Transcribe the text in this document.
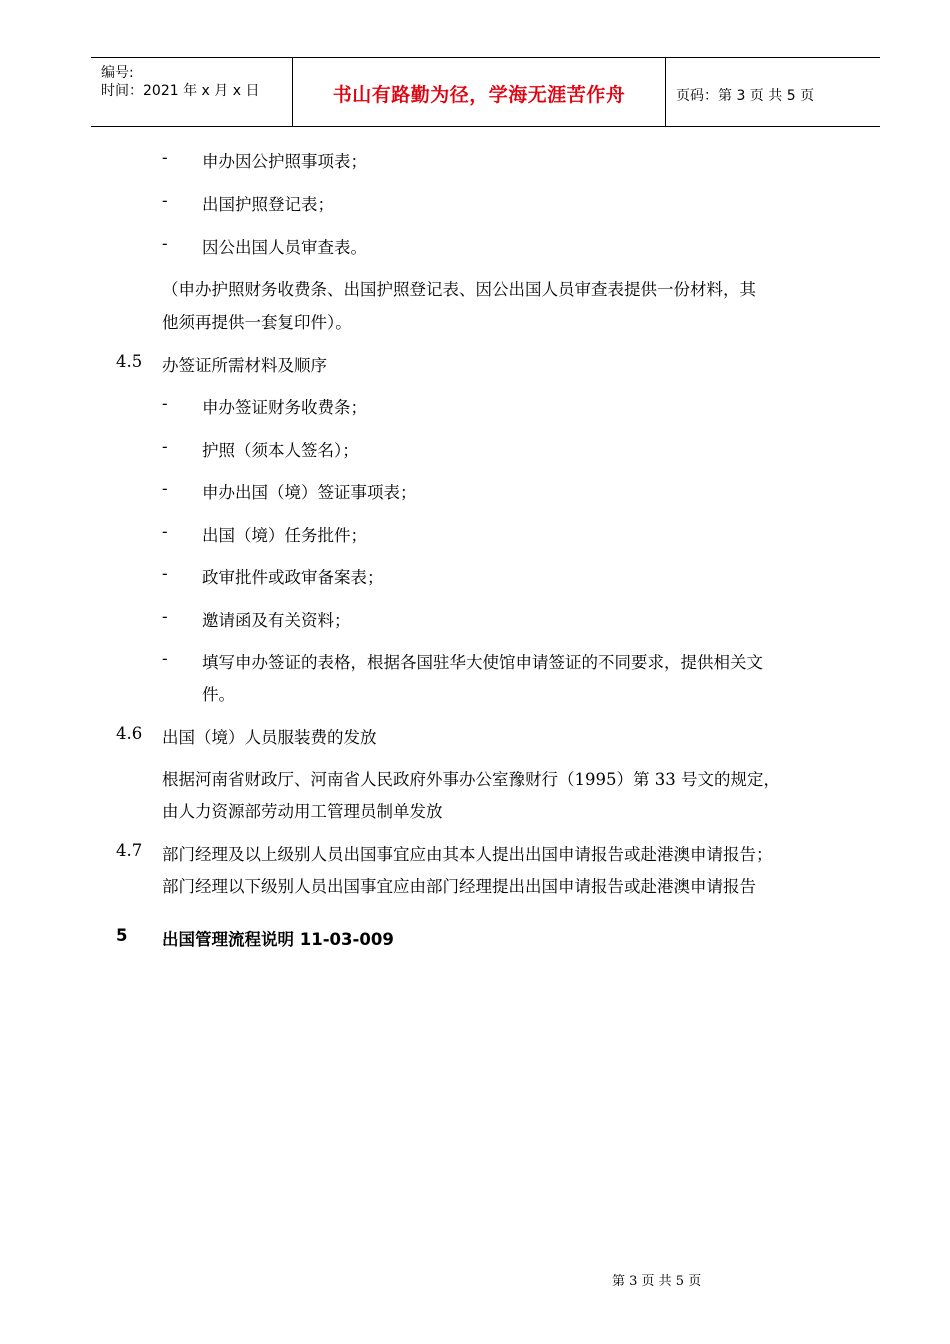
编号:
时间：2021 年 x 月 x 日	书山有路勤为径，学海无涯苦作舟	页码：第 3 页 共 5 页
- 申办因公护照事项表；
- 出国护照登记表；
- 因公出国人员审查表。
（申办护照财务收费条、出国护照登记表、因公出国人员审查表提供一份材料，其
他须再提供一套复印件）。
4.5 办签证所需材料及顺序
- 申办签证财务收费条；
- 护照（须本人签名）；
- 申办出国（境）签证事项表；
- 出国（境）任务批件；
- 政审批件或政审备案表；
- 邀请函及有关资料；
- 填写申办签证的表格，根据各国驻华大使馆申请签证的不同要求，提供相关文
件。
4.6 出国（境）人员服装费的发放
根据河南省财政厅、河南省人民政府外事办公室豫财行（1995）第 33 号文的规定，
由人力资源部劳动用工管理员制单发放
4.7 部门经理及以上级别人员出国事宜应由其本人提出出国申请报告或赴港澳申请报告；
部门经理以下级别人员出国事宜应由部门经理提出出国申请报告或赴港澳申请报告
5 出国管理流程说明 11-03-009
第 3 页 共 5 页
